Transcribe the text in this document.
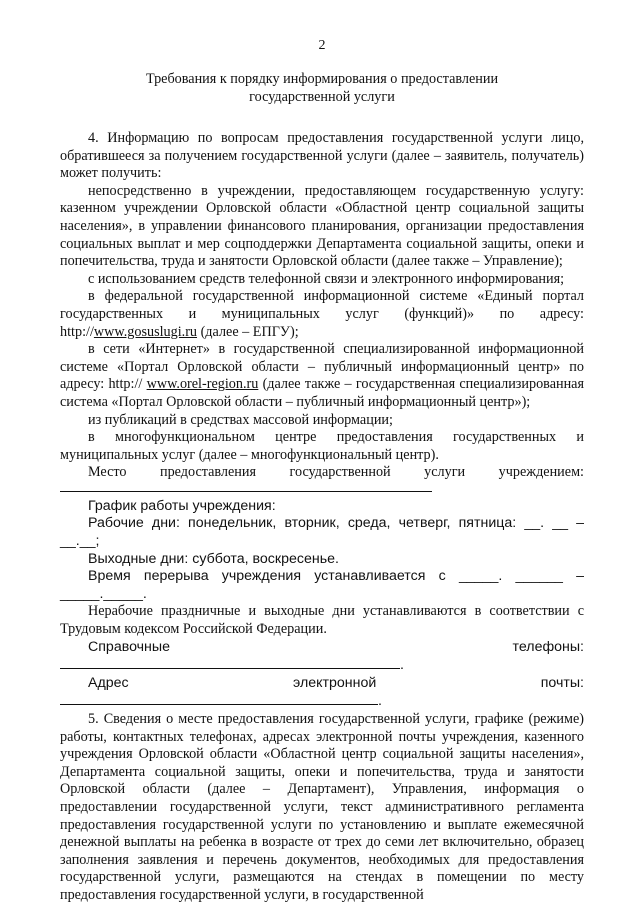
2
Требования к порядку информирования о предоставлении
государственной услуги

4. Информацию по вопросам предоставления государственной услуги лицо, обратившееся за получением государственной услуги (далее – заявитель, получатель) может получить:

непосредственно в учреждении, предоставляющем государственную услугу: казенном учреждении Орловской области «Областной центр социальной защиты населения», в управлении финансового планирования, организации предоставления социальных выплат и мер соцподдержки Департамента социальной защиты, опеки и попечительства, труда и занятости Орловской области (далее также – Управление);

с использованием средств телефонной связи и электронного информирования;

в федеральной государственной информационной системе «Единый портал государственных и муниципальных услуг (функций)» по адресу: http://www.gosuslugi.ru (далее – ЕПГУ);

в сети «Интернет» в государственной специализированной информационной системе «Портал Орловской области – публичный информационный центр» по адресу: http:// www.orel-region.ru (далее также – государственная специализированная система «Портал Орловской области – публичный информационный центр»);

из публикаций в средствах массовой информации;

в многофункциональном центре предоставления государственных и муниципальных услуг (далее – многофункциональный центр).

Место предоставления государственной услуги учреждением:

График работы учреждения:

Рабочие дни: понедельник, вторник, среда, четверг, пятница: __. __ – __.__;

Выходные дни: суббота, воскресенье.

Время перерыва учреждения устанавливается с _____. ______ – _____._____.

Нерабочие праздничные и выходные дни устанавливаются в соответствии с Трудовым кодексом Российской Федерации.

Справочные телефоны: .

Адрес электронной почты: .

5. Сведения о месте предоставления государственной услуги, графике (режиме) работы, контактных телефонах, адресах электронной почты учреждения, казенного учреждения Орловской области «Областной центр социальной защиты населения», Департамента социальной защиты, опеки и попечительства, труда и занятости Орловской области (далее – Департамент), Управления, информация о предоставлении государственной услуги, текст административного регламента предоставления государственной услуги по установлению и выплате ежемесячной денежной выплаты на ребенка в возрасте от трех до семи лет включительно, образец заполнения заявления и перечень документов, необходимых для предоставления государственной услуги, размещаются на стендах в помещении по месту предоставления государственной услуги, в государственной
